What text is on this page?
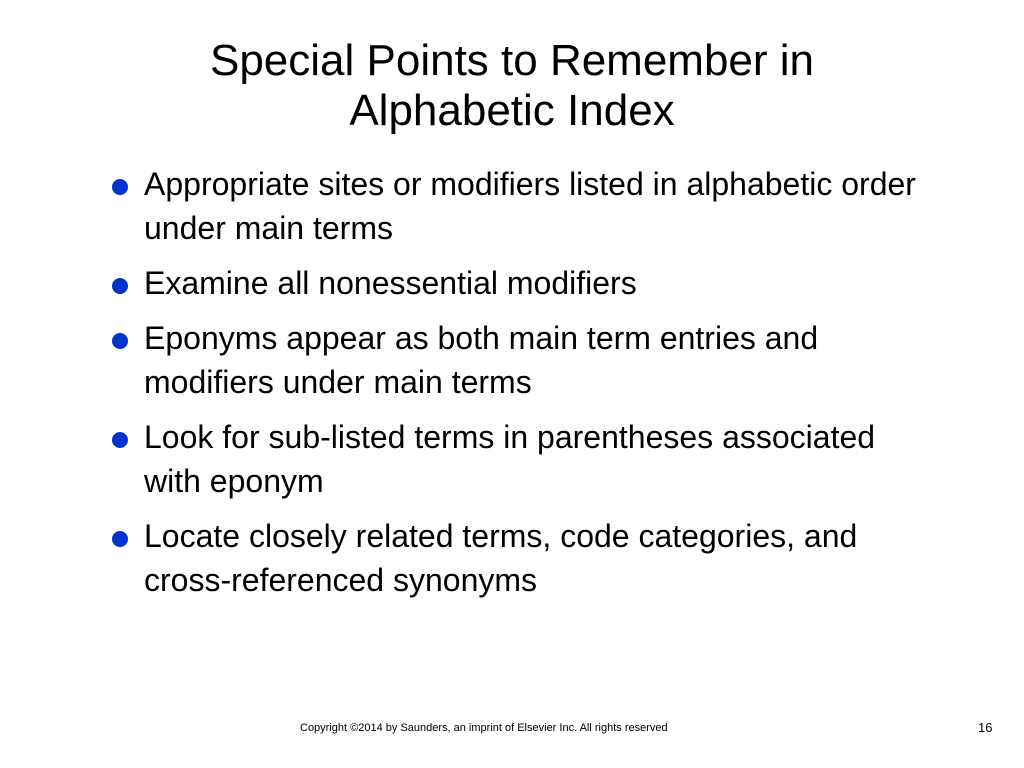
Special Points to Remember in
Alphabetic Index
Appropriate sites or modifiers listed in alphabetic order under main terms
Examine all nonessential modifiers
Eponyms appear as both main term entries and modifiers under main terms
Look for sub-listed terms in parentheses associated with eponym
Locate closely related terms, code categories, and cross-referenced synonyms
Copyright ©2014 by Saunders, an imprint of Elsevier Inc. All rights reserved	16
